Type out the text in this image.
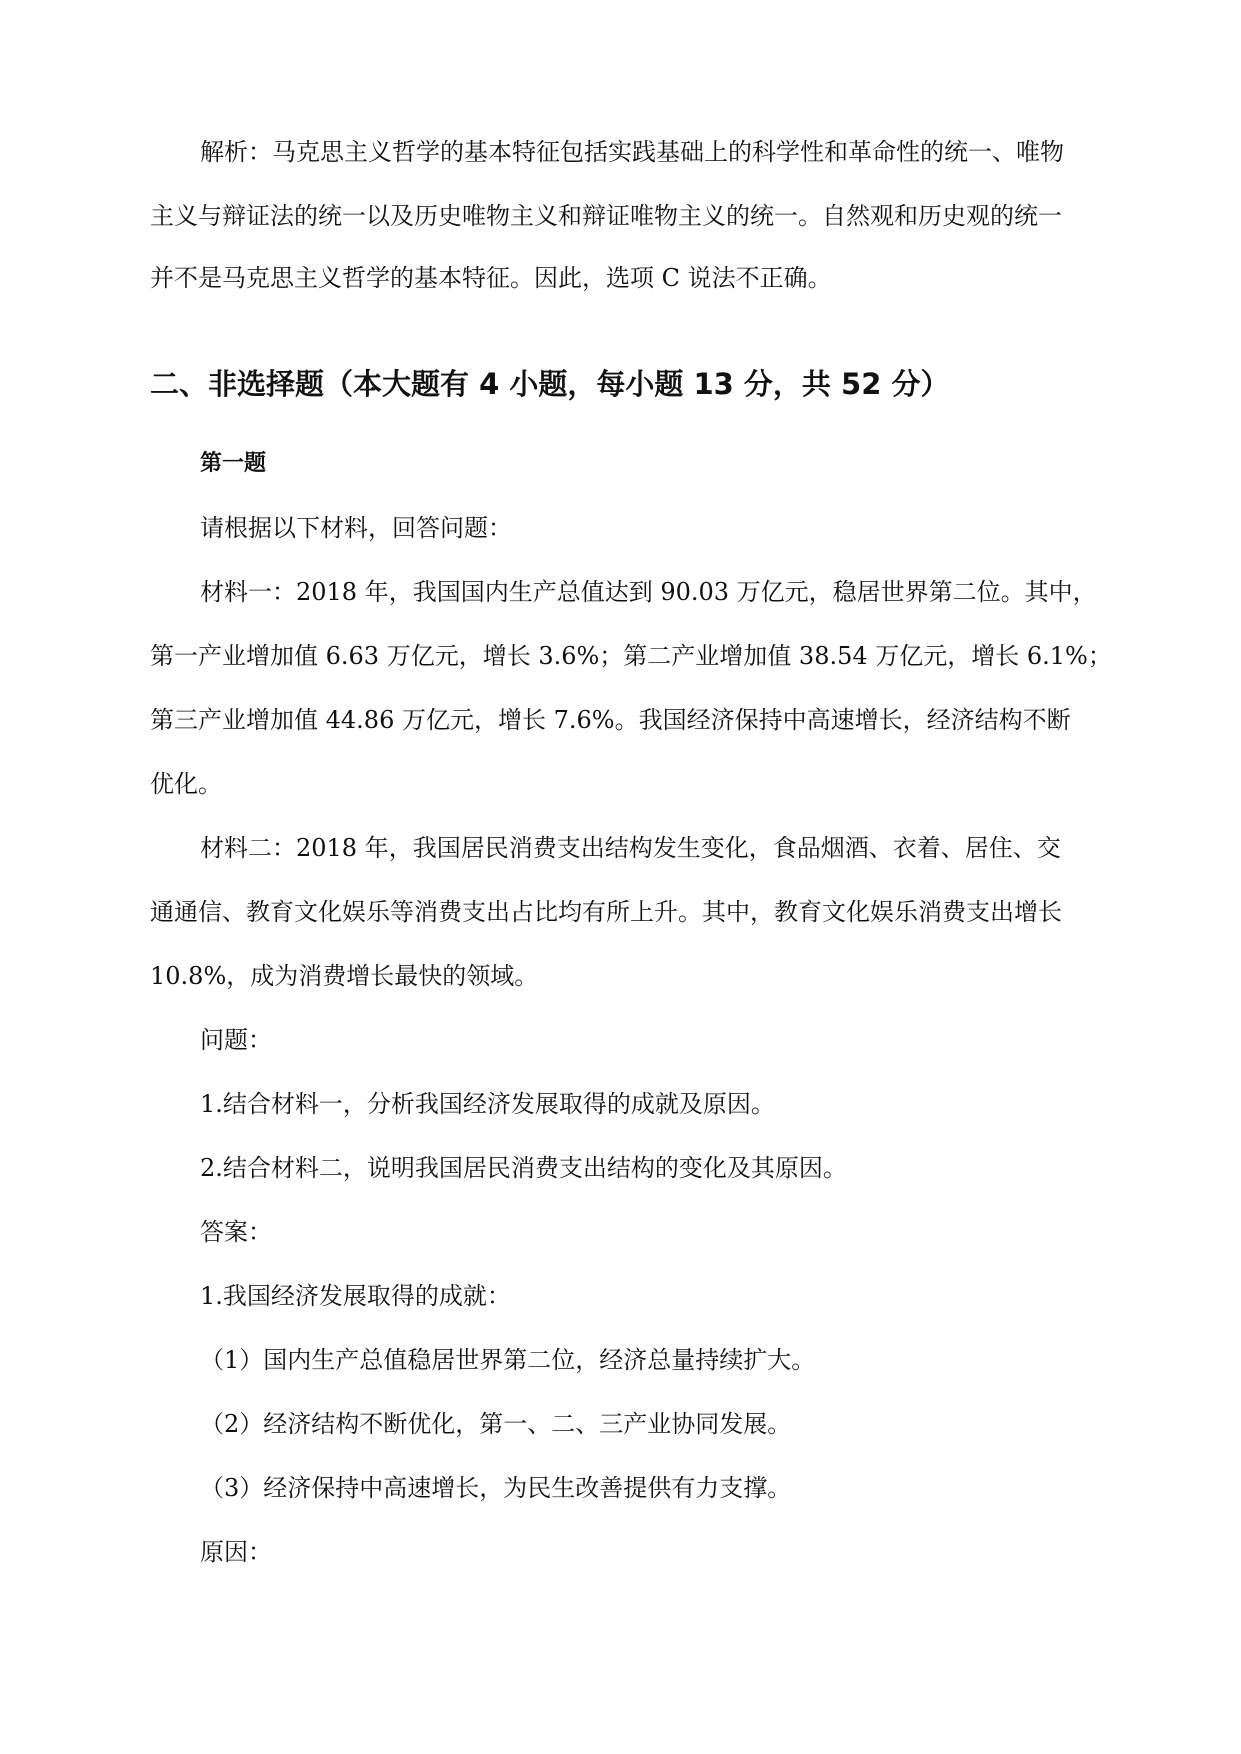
解析：马克思主义哲学的基本特征包括实践基础上的科学性和革命性的统一、唯物
主义与辩证法的统一以及历史唯物主义和辩证唯物主义的统一。自然观和历史观的统一
并不是马克思主义哲学的基本特征。因此，选项 C 说法不正确。
二、非选择题（本大题有 4 小题，每小题 13 分，共 52 分）
第一题
请根据以下材料，回答问题：
材料一：2018 年，我国国内生产总值达到 90.03 万亿元，稳居世界第二位。其中，
第一产业增加值 6.63 万亿元，增长 3.6%；第二产业增加值 38.54 万亿元，增长 6.1%；
第三产业增加值 44.86 万亿元，增长 7.6%。我国经济保持中高速增长，经济结构不断
优化。
材料二：2018 年，我国居民消费支出结构发生变化，食品烟酒、衣着、居住、交
通通信、教育文化娱乐等消费支出占比均有所上升。其中，教育文化娱乐消费支出增长
10.8%，成为消费增长最快的领域。
问题：
1.结合材料一，分析我国经济发展取得的成就及原因。
2.结合材料二，说明我国居民消费支出结构的变化及其原因。
答案：
1.我国经济发展取得的成就：
（1）国内生产总值稳居世界第二位，经济总量持续扩大。
（2）经济结构不断优化，第一、二、三产业协同发展。
（3）经济保持中高速增长，为民生改善提供有力支撑。
原因：
